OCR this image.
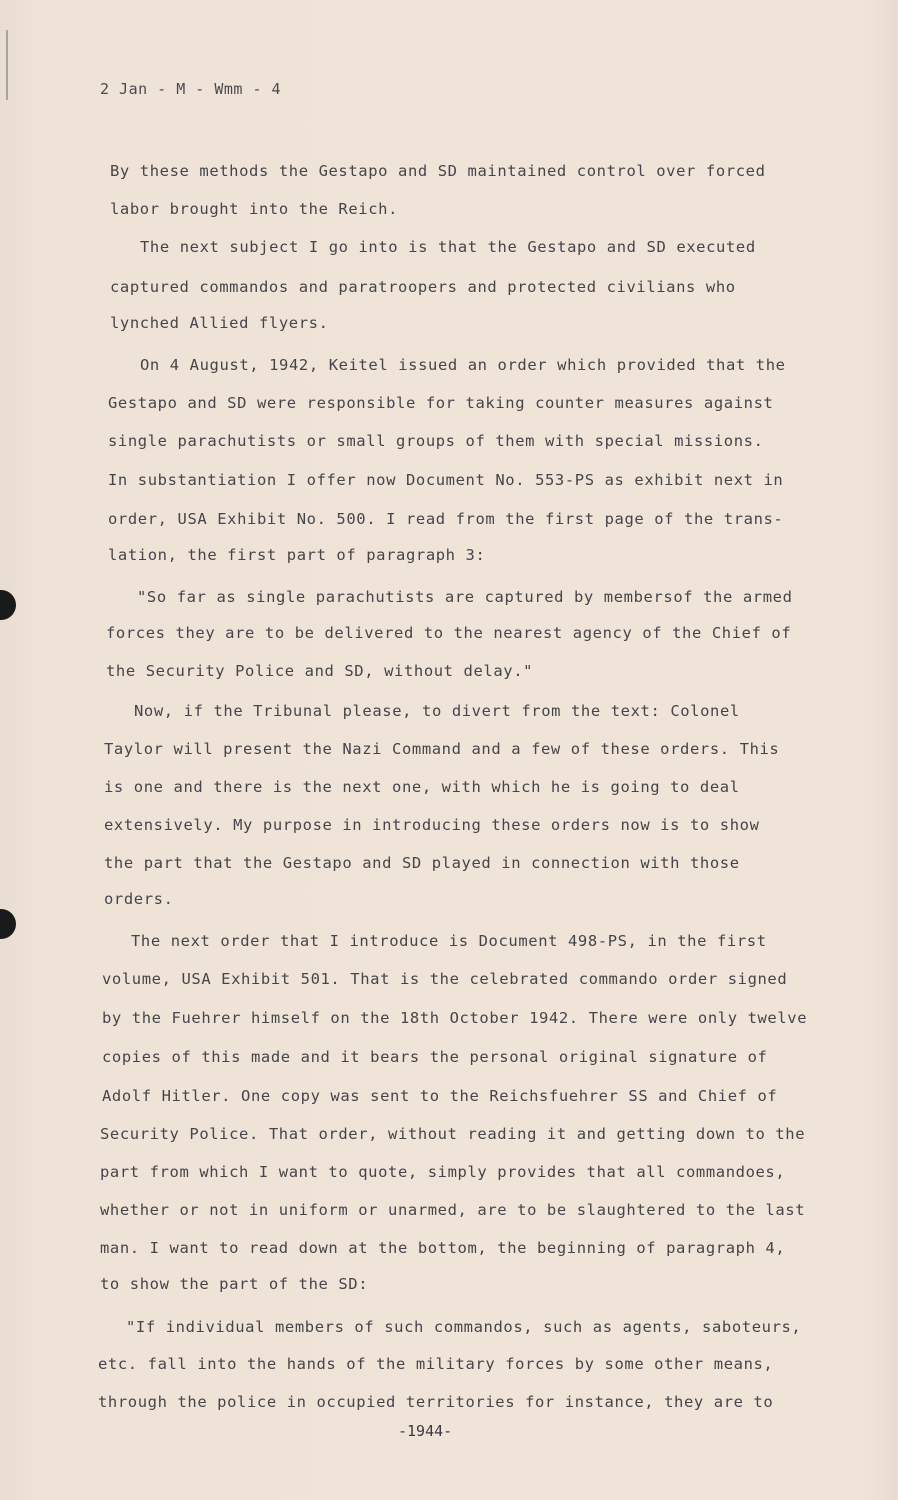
2 Jan - M - Wmm - 4
By these methods the Gestapo and SD maintained control over forced
labor brought into the Reich.
The next subject I go into is that the Gestapo and SD executed
captured commandos and paratroopers and protected civilians who
lynched Allied flyers.
On 4 August, 1942, Keitel issued an order which provided that the
Gestapo and SD were responsible for taking counter measures against
single parachutists or small groups of them with special missions.
In substantiation I offer now Document No. 553-PS as exhibit next in
order, USA Exhibit No. 500. I read from the first page of the trans-
lation, the first part of paragraph 3:
"So far as single parachutists are captured by membersof the armed
forces they are to be delivered to the nearest agency of the Chief of
the Security Police and SD, without delay."
Now, if the Tribunal please, to divert from the text: Colonel
Taylor will present the Nazi Command and a few of these orders. This
is one and there is the next one, with which he is going to deal
extensively. My purpose in introducing these orders now is to show
the part that the Gestapo and SD played in connection with those
orders.
The next order that I introduce is Document 498-PS, in the first
volume, USA Exhibit 501. That is the celebrated commando order signed
by the Fuehrer himself on the 18th October 1942. There were only twelve
copies of this made and it bears the personal original signature of
Adolf Hitler. One copy was sent to the Reichsfuehrer SS and Chief of
Security Police. That order, without reading it and getting down to the
part from which I want to quote, simply provides that all commandoes,
whether or not in uniform or unarmed, are to be slaughtered to the last
man. I want to read down at the bottom, the beginning of paragraph 4,
to show the part of the SD:
"If individual members of such commandos, such as agents, saboteurs,
etc. fall into the hands of the military forces by some other means,
through the police in occupied territories for instance, they are to
-1944-
